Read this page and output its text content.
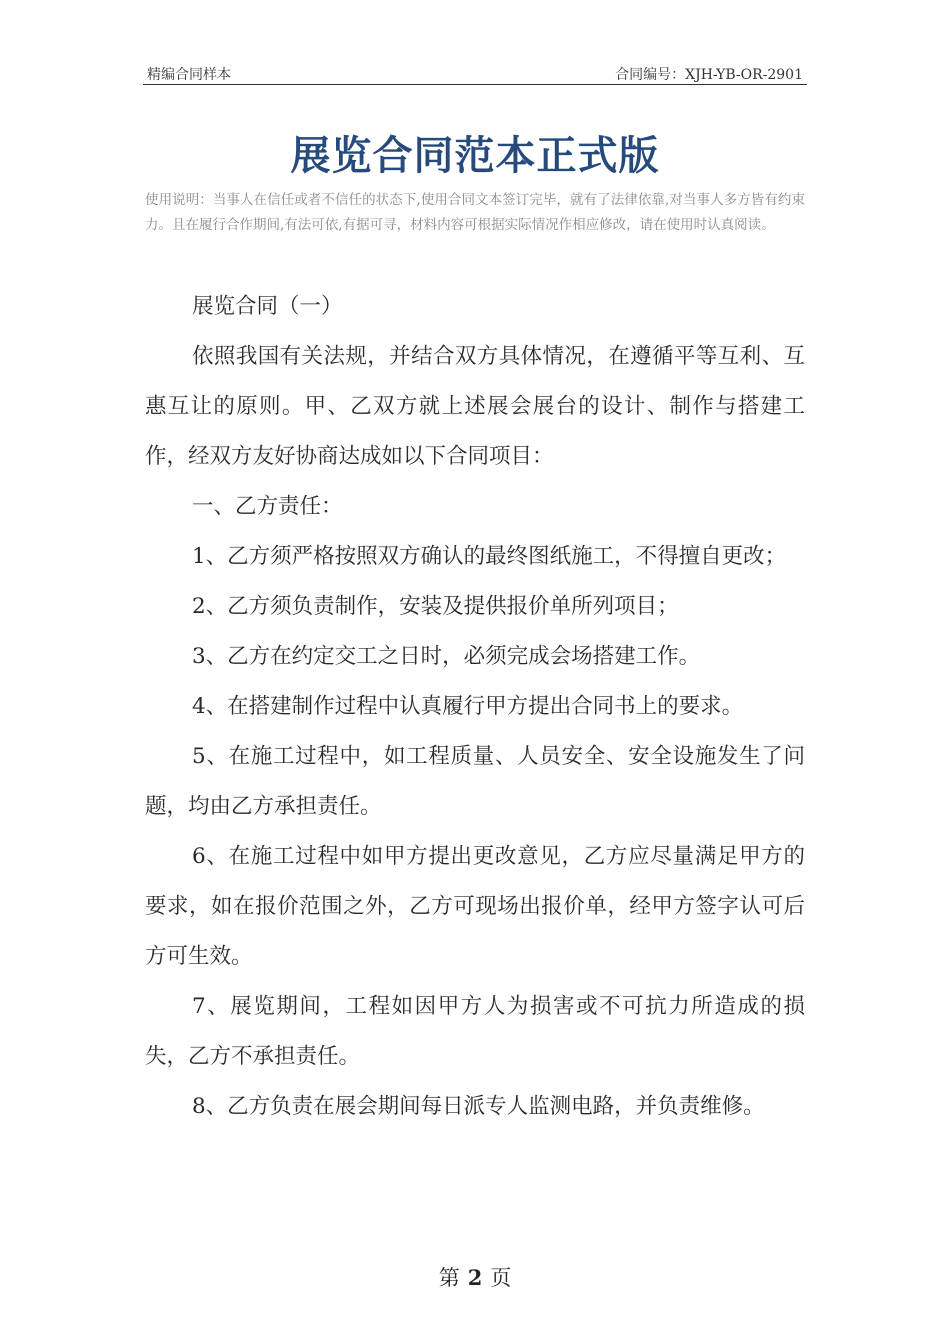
精编合同样本	合同编号：XJH-YB-OR-2901
展览合同范本正式版
使用说明：当事人在信任或者不信任的状态下,使用合同文本签订完毕，就有了法律依靠,对当事人多方皆有约束力。且在履行合作期间,有法可依,有据可寻，材料内容可根据实际情况作相应修改，请在使用时认真阅读。

展览合同（一）

依照我国有关法规，并结合双方具体情况，在遵循平等互利、互惠互让的原则。甲、乙双方就上述展会展台的设计、制作与搭建工作，经双方友好协商达成如以下合同项目：

一、乙方责任：

1、乙方须严格按照双方确认的最终图纸施工，不得擅自更改；

2、乙方须负责制作，安装及提供报价单所列项目；

3、乙方在约定交工之日时，必须完成会场搭建工作。

4、在搭建制作过程中认真履行甲方提出合同书上的要求。

5、在施工过程中，如工程质量、人员安全、安全设施发生了问题，均由乙方承担责任。

6、在施工过程中如甲方提出更改意见，乙方应尽量满足甲方的要求，如在报价范围之外，乙方可现场出报价单，经甲方签字认可后方可生效。

7、展览期间，工程如因甲方人为损害或不可抗力所造成的损失，乙方不承担责任。

8、乙方负责在展会期间每日派专人监测电路，并负责维修。

第 2 页
